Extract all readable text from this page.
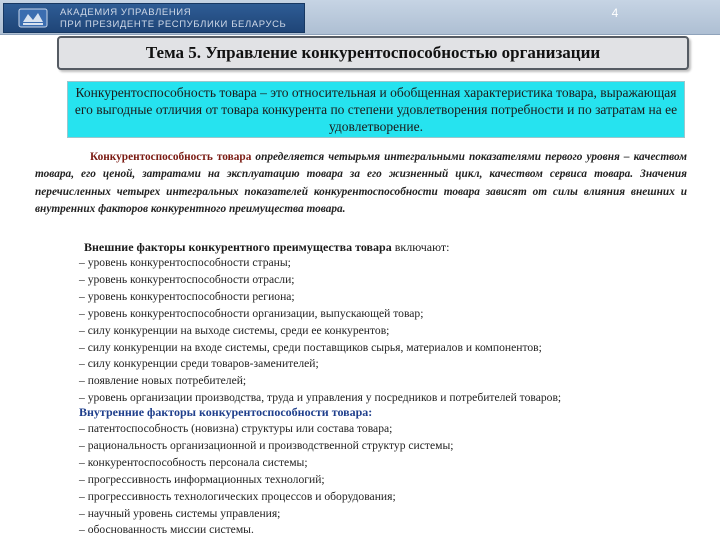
АКАДЕМИЯ УПРАВЛЕНИЯ
ПРИ ПРЕЗИДЕНТЕ РЕСПУБЛИКИ БЕЛАРУСЬ
4
Тема 5. Управление конкурентоспособностью организации
Конкурентоспособность товара – это относительная и обобщенная характеристика товара, выражающая его выгодные отличия от товара конкурента по степени удовлетворения потребности и по затратам на ее удовлетворение.
Конкурентоспособность товара определяется четырьмя интегральными показателями первого уровня – качеством товара, его ценой, затратами на эксплуатацию товара за его жизненный цикл, качеством сервиса товара. Значения перечисленных четырех интегральных показателей конкурентоспособности товара зависят от силы влияния внешних и внутренних факторов конкурентного преимущества товара.
Внешние факторы конкурентного преимущества товара включают:
– уровень конкурентоспособности страны;
– уровень конкурентоспособности отрасли;
– уровень конкурентоспособности региона;
– уровень конкурентоспособности организации, выпускающей товар;
– силу конкуренции на выходе системы, среди ее конкурентов;
– силу конкуренции на входе системы, среди поставщиков сырья, материалов и компонентов;
– силу конкуренции среди товаров-заменителей;
– появление новых потребителей;
– уровень организации производства, труда и управления у посредников и потребителей товаров;
Внутренние факторы конкурентоспособности товара:
– патентоспособность (новизна) структуры или состава товара;
– рациональность организационной и производственной структур системы;
– конкурентоспособность персонала системы;
– прогрессивность информационных технологий;
– прогрессивность технологических процессов и оборудования;
– научный уровень системы управления;
– обоснованность миссии системы.
